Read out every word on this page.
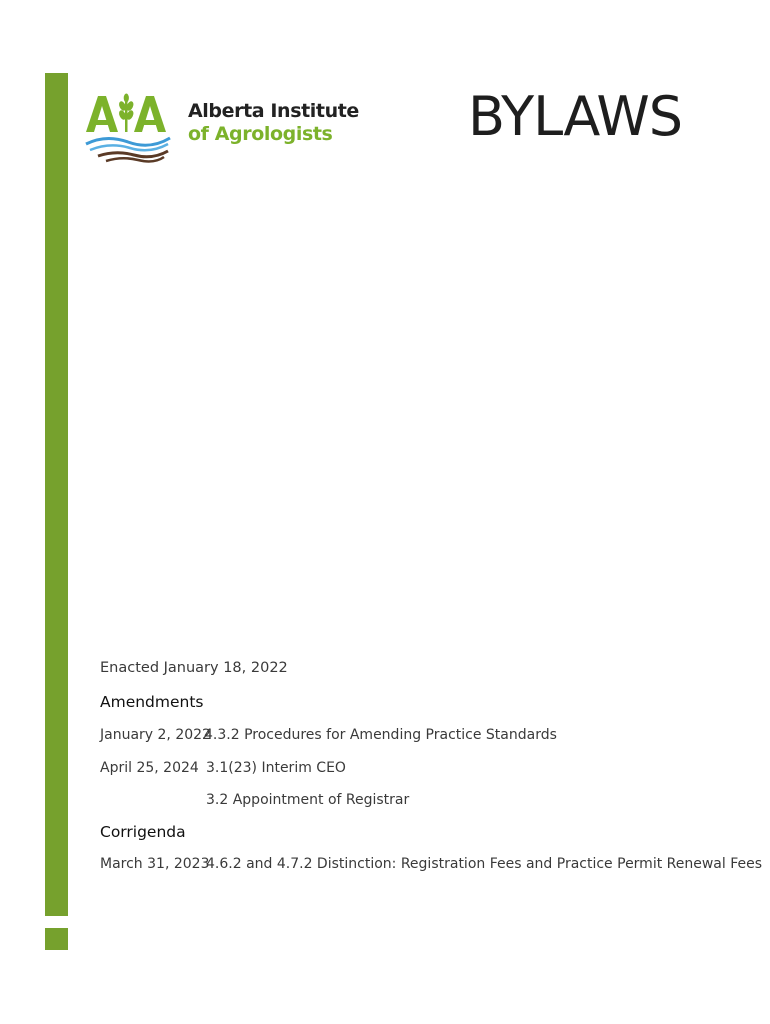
Alberta Institute
of Agrologists	BYLAWS
Enacted January 18, 2022
Amendments
January 2, 2022
4.3.2 Procedures for Amending Practice Standards
April 25, 2024 3.1(23) Interim CEO
3.2 Appointment of Registrar
Corrigenda
March 31, 2023
4.6.2 and 4.7.2 Distinction: Registration Fees and Practice Permit Renewal Fees
